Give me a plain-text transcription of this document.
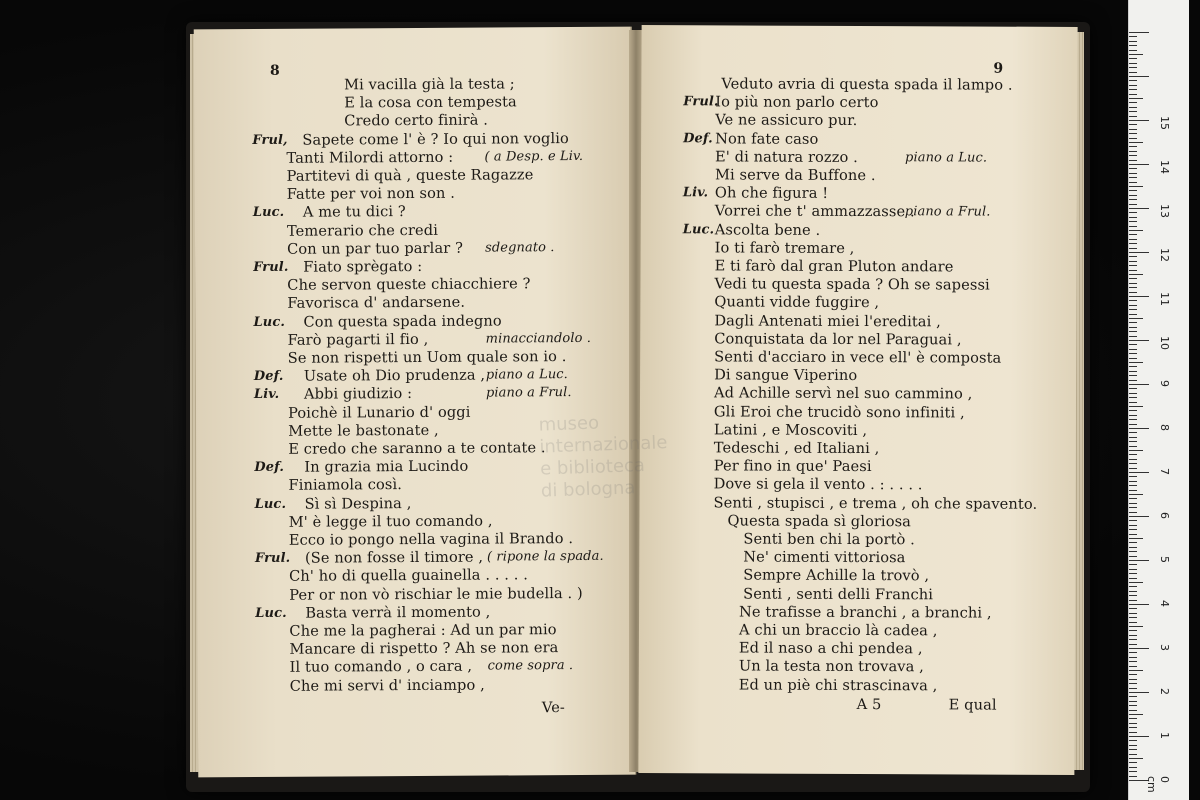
8
Mi vacilla già la testa ;
E la cosa con tempesta
Credo certo finirà .
Frul, Sapete come l' è ? Io qui non voglio
Tanti Milordi attorno : ( a Desp. e Liv.
Partitevi di quà , queste Ragazze
Fatte per voi non son .
Luc. A me tu dici ?
Temerario che credi
Con un par tuo parlar ? sdegnato .
Frul. Fiato sprègato :
Che servon queste chiacchiere ?
Favorisca d' andarsene.
Luc. Con questa spada indegno
Farò pagarti il fio ,	minacciandolo .
Se non rispetti un Uom quale son io .
Def. Usate oh Dio prudenza , piano a Luc.
Liv. Abbi giudizio :	piano a Frul.
Poichè il Lunario d' oggi
Mette le bastonate ,
E credo che saranno a te contate .
Def. In grazia mia Lucindo
Finiamola così.
Luc. Sì sì Despina ,
M' è legge il tuo comando ,
Ecco io pongo nella vagina il Brando .
Frul. (Se non fosse il timore , ( ripone la spada.
Ch' ho di quella guainella . . . . .
Per or non vò rischiar le mie budella . )
Luc. Basta verrà il momento ,
Che me la pagherai : Ad un par mio
Mancare di rispetto ? Ah se non era
Il tuo comando , o cara , come sopra .
Che mi servi d' inciampo ,
Ve-
9
Veduto avria di questa spada il lampo .
Frul.
Io più non parlo certo
Ve ne assicuro pur.
Def. Non fate caso
E' di natura rozzo .	piano a Luc.
Mi serve da Buffone .
Liv. Oh che figura !
Vorrei che t' ammazzasse .
piano a Frul.
Luc. Ascolta bene .
Io ti farò tremare ,
E ti farò dal gran Pluton andare
Vedi tu questa spada ? Oh se sapessi
Quanti vidde fuggire ,
Dagli Antenati miei l'ereditai ,
Conquistata da lor nel Paraguai ,
Senti d'acciaro in vece ell' è composta
Di sangue Viperino
Ad Achille servì nel suo cammino ,
Gli Eroi che trucidò sono infiniti ,
Latini , e Moscoviti ,
Tedeschi , ed Italiani ,
Per fino in que' Paesi
Dove si gela il vento . : . . . .
Senti , stupisci , e trema , oh che spavento.
Questa spada sì gloriosa
Senti ben chi la portò .
Ne' cimenti vittoriosa
Sempre Achille la trovò ,
Senti , senti delli Franchi
Ne trafisse a branchi , a branchi ,
A chi un braccio là cadea ,
Ed il naso a chi pendea ,
Un la testa non trovava ,
Ed un piè chi strascinava ,
A 5	E qual
museo internazionale
e biblioteca
di bologna
0 cm
1
2
3
4
5
6
7
8
9
10
11
12
13
14
15
